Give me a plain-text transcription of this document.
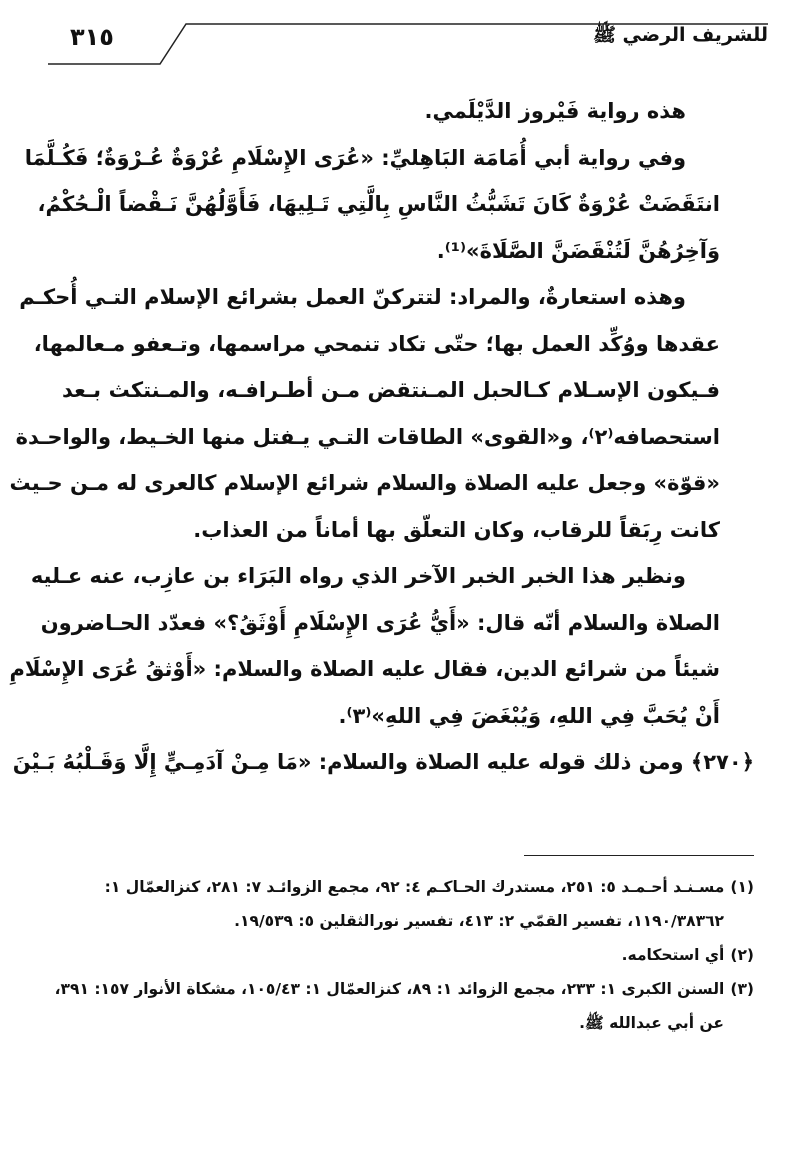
للشريف الرضي ﷺ
٣١٥

هذه رواية فَيْروز الدَّيْلَمي.

وفي رواية أبي أُمَامَة البَاهِليِّ: «عُرَى الإِسْلَامِ عُرْوَةٌ عُـرْوَةٌ؛ فَكُـلَّمَا
انتَقَضَتْ عُرْوَةٌ كَانَ تَشَبُّثُ النَّاسِ بِالَّتِي تَـلِيهَا، فَأَوَّلُهُنَّ نَـقْضاً الْـحُكْمُ،
وَآخِرُهُنَّ لَتُنْقَضَنَّ الصَّلَاةَ»⁽¹⁾.

وهذه استعارةٌ، والمراد: لتتركنّ العمل بشرائع الإسلام التـي أُحكـم
عقدها ووُكِّد العمل بها؛ حتّى تكاد تنمحي مراسمها، وتـعفو مـعالمها،
فـيكون الإسـلام كـالحبل المـنتقض مـن أطـرافـه، والمـنتكث بـعد
استحصافه⁽٢⁾، و«القوى» الطاقات التـي يـفتل منها الخـيط، والواحـدة
«قوّة» وجعل عليه الصلاة والسلام شرائع الإسلام كالعرى له مـن حـيث
كانت رِبَقاً للرقاب، وكان التعلّق بها أماناً من العذاب.

ونظير هذا الخبر الخبر الآخر الذي رواه البَرَاء بن عازِب، عنه عـليه
الصلاة والسلام أنّه قال: «أَيُّ عُرَى الإِسْلَامِ أَوْثَقُ؟» فعدّد الحـاضرون
شيئاً من شرائع الدين، فقال عليه الصلاة والسلام: «أَوْثقُ عُرَى الإِسْلَامِ
أَنْ يُحَبَّ فِي اللهِ، وَيُبْغَضَ فِي اللهِ»⁽٣⁾.

﴿٢٧٠﴾ ومن ذلك قوله عليه الصلاة والسلام: «مَا مِـنْ آدَمِـيٍّ إِلَّا وَقَـلْبُهُ بَـيْنَ

(١)مسـنـد أحـمـد ٥: ٢٥١، مستدرك الحـاكـم ٤: ٩٢، مجمع الزوائـد ٧: ٢٨١، كنزالعمّال ١:
١١٩٠/٣٨٣٦٢، تفسير القمّي ٢: ٤١٣، تفسير نورالثقلين ٥: ١٩/٥٣٩.

(٢)أي استحكامه.

(٣)السنن الكبرى ١: ٢٣٣، مجمع الزوائد ١: ٨٩، كنزالعمّال ١: ١٠٥/٤٣، مشكاة الأنوار ١٥٧: ٣٩١،
عن أبي عبدالله ﷺ.
